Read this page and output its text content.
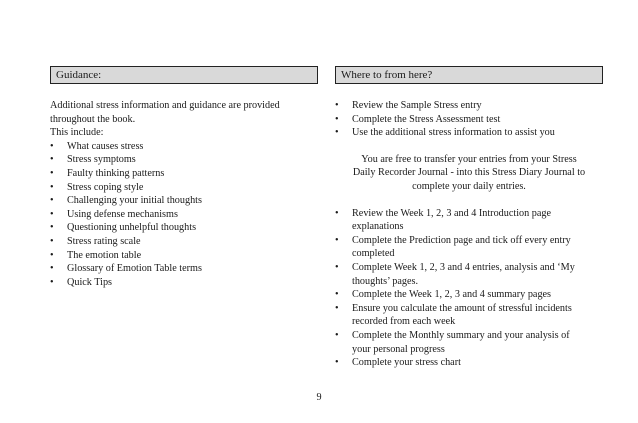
Guidance:

Additional stress information and guidance are provided
throughout the book.
This include:

• What causes stress
• Stress symptoms
• Faulty thinking patterns
• Stress coping style
• Challenging your initial thoughts
• Using defense mechanisms
• Questioning unhelpful thoughts
• Stress rating scale
• The emotion table
• Glossary of Emotion Table terms
• Quick Tips
Where to from here?
• Review the Sample Stress entry
• Complete the Stress Assessment test
• Use the additional stress information to assist you

You are free to transfer your entries from your Stress
Daily Recorder Journal - into this Stress Diary Journal to
complete your daily entries.

• Review the Week 1, 2, 3 and 4 Introduction page
explanations
• Complete the Prediction page and tick off every entry
completed
• Complete Week 1, 2, 3 and 4 entries, analysis and ‘My
thoughts’ pages.
• Complete the Week 1, 2, 3 and 4 summary pages
• Ensure you calculate the amount of stressful incidents
recorded from each week
• Complete the Monthly summary and your analysis of
your personal progress
• Complete your stress chart
9
